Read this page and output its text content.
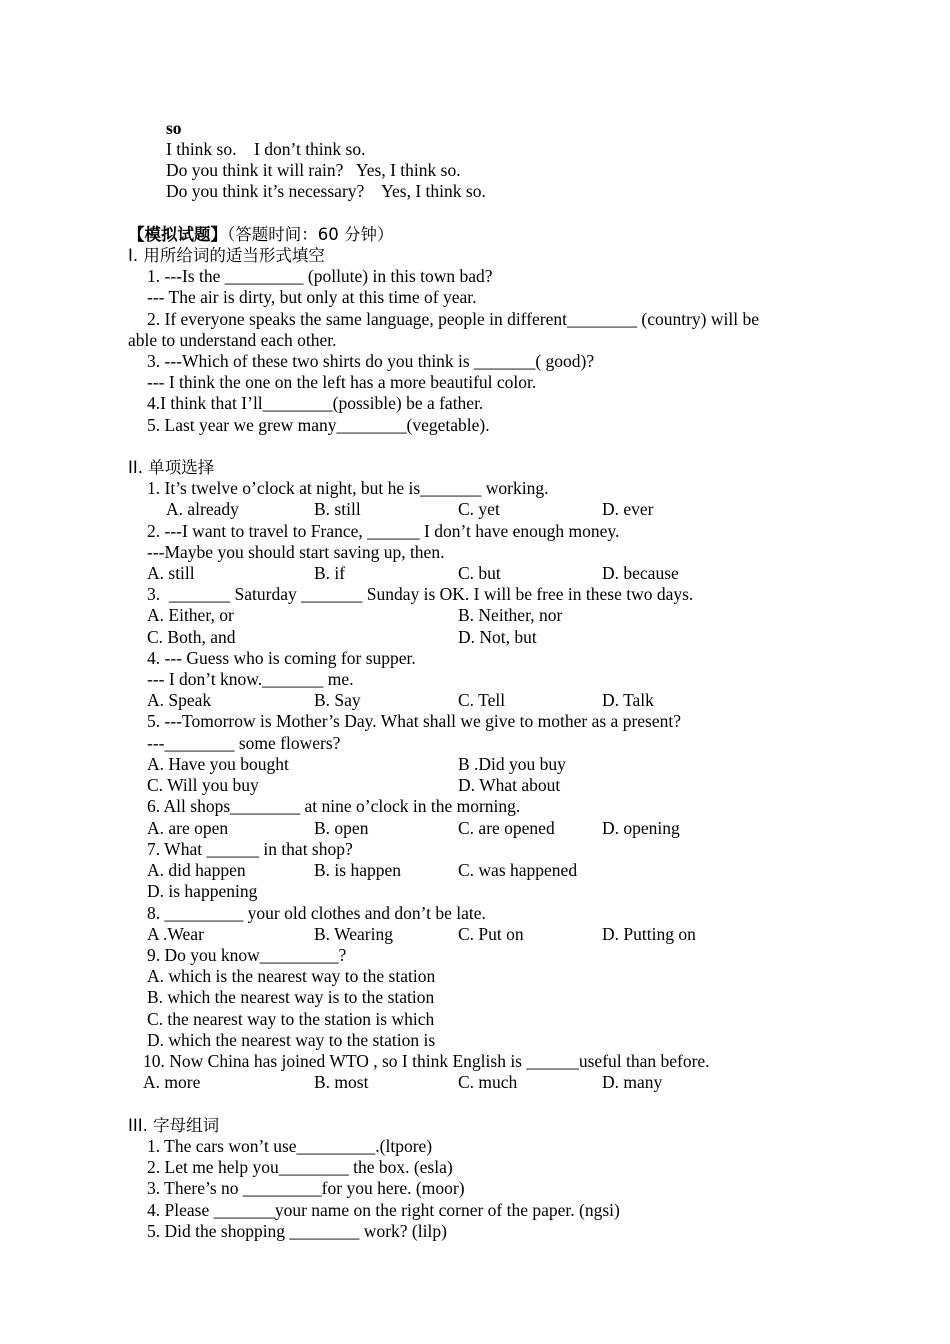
so
I think so.    I don’t think so.
Do you think it will rain?   Yes, I think so.
Do you think it’s necessary?    Yes, I think so.
【模拟试题】（答题时间：60 分钟）
I. 用所给词的适当形式填空
1. ---Is the _________ (pollute) in this town bad?
--- The air is dirty, but only at this time of year.
2. If everyone speaks the same language, people in different________ (country) will be
able to understand each other.
3. ---Which of these two shirts do you think is _______( good)?
--- I think the one on the left has a more beautiful color.
4.I think that I’ll________(possible) be a father.
5. Last year we grew many________(vegetable).
II. 单项选择
1. It’s twelve o’clock at night, but he is_______ working.
A. already	B. still	C. yet	D. ever
2. ---I want to travel to France, ______ I don’t have enough money.
---Maybe you should start saving up, then.
A. still	B. if	C. but	D. because
3.  _______ Saturday _______ Sunday is OK. I will be free in these two days.
A. Either, or	B. Neither, nor
C. Both, and	D. Not, but
4. --- Guess who is coming for supper.
--- I don’t know._______ me.
A. Speak	B. Say	C. Tell	D. Talk
5. ---Tomorrow is Mother’s Day. What shall we give to mother as a present?
---________ some flowers?
A. Have you bought	B .Did you buy
C. Will you buy	D. What about
6. All shops________ at nine o’clock in the morning.
A. are open	B. open	C. are opened	D. opening
7. What ______ in that shop?
A. did happen	B. is happen	C. was happened
D. is happening
8. _________ your old clothes and don’t be late.
A .Wear	B. Wearing	C. Put on	D. Putting on
9. Do you know_________?
A. which is the nearest way to the station
B. which the nearest way is to the station
C. the nearest way to the station is which
D. which the nearest way to the station is
10. Now China has joined WTO , so I think English is ______useful than before.
A. more	B. most	C. much	D. many
III. 字母组词
1. The cars won’t use_________.(ltpore)
2. Let me help you________ the box. (esla)
3. There’s no _________for you here. (moor)
4. Please _______your name on the right corner of the paper. (ngsi)
5. Did the shopping ________ work? (lilp)
